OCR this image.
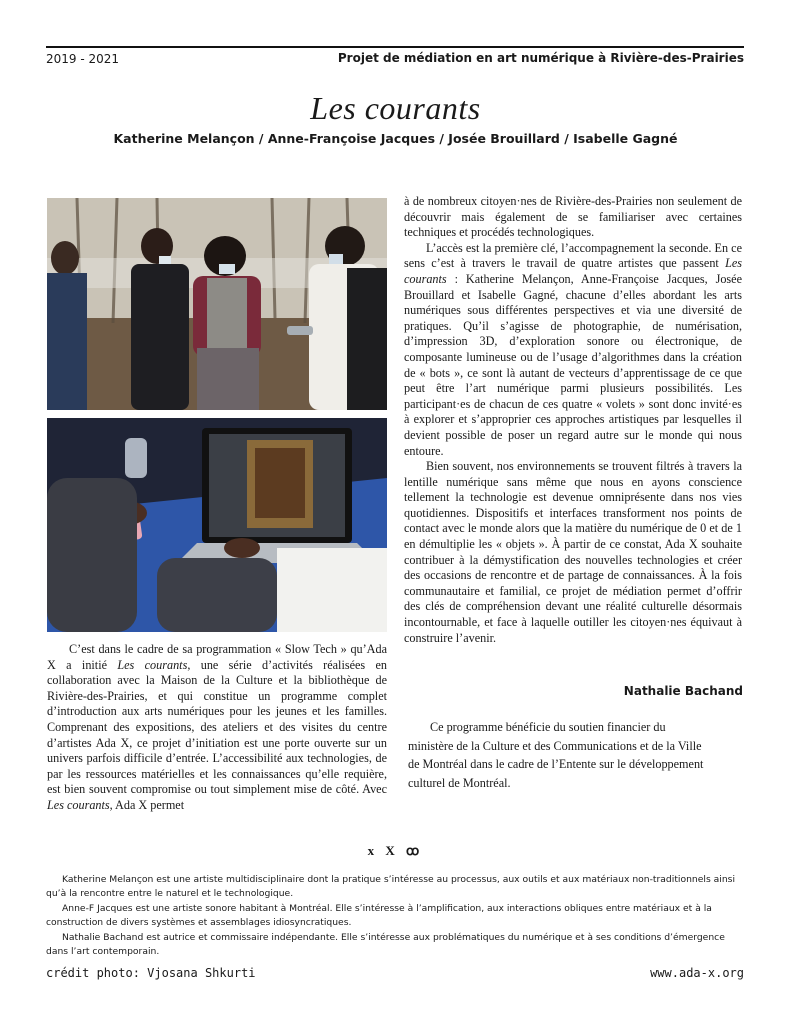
2019 - 2021	Projet de médiation en art numérique à Rivière-des-Prairies
Les courants
Katherine Melançon / Anne-Françoise Jacques / Josée Brouillard / Isabelle Gagné

C’est dans le cadre de sa programmation « Slow Tech » qu’Ada X a initié Les courants, une série d’activités réalisées en collaboration avec la Maison de la Culture et la bibliothèque de Rivière-des-Prairies, et qui constitue un programme complet d’introduction aux arts numériques pour les jeunes et les familles. Comprenant des expositions, des ateliers et des visites du centre d’artistes Ada X, ce projet d’initiation est une porte ouverte sur un univers parfois difficile d’entrée. L’accessibilité aux technologies, de par les ressources matérielles et les connaissances qu’elle requière, est bien souvent compromise ou tout simplement mise de côté. Avec Les courants, Ada X permet

à de nombreux citoyen·nes de Rivière-des-Prairies non seulement de découvrir mais également de se familiariser avec certaines techniques et procédés technologiques.

L’accès est la première clé, l’accompagnement la seconde. En ce sens c’est à travers le travail de quatre artistes que passent Les courants : Katherine Melançon, Anne-Françoise Jacques, Josée Brouillard et Isabelle Gagné, chacune d’elles abordant les arts numériques sous différentes perspectives et via une diversité de pratiques. Qu’il s’agisse de photographie, de numérisation, d’impression 3D, d’exploration sonore ou électronique, de composante lumineuse ou de l’usage d’algorithmes dans la création de « bots », ce sont là autant de vecteurs d’apprentissage de ce que peut être l’art numérique parmi plusieurs possibilités. Les participant·es de chacun de ces quatre « volets » sont donc invité·es à explorer et s’approprier ces approches artistiques par lesquelles il devient possible de poser un regard autre sur le monde qui nous entoure.

Bien souvent, nos environnements se trouvent filtrés à travers la lentille numérique sans même que nous en ayons conscience tellement la technologie est devenue omniprésente dans nos vies quotidiennes. Dispositifs et interfaces transforment nos points de contact avec le monde alors que la matière du numérique de 0 et de 1 en démultiplie les « objets ». À partir de ce constat, Ada X souhaite contribuer à la démystification des nouvelles technologies et créer des occasions de rencontre et de partage de connaissances. À la fois communautaire et familial, ce projet de médiation permet d’offrir des clés de compréhension devant une réalité culturelle désormais incontournable, et face à laquelle outiller les citoyen·nes équivaut à construire l’avenir.

Nathalie Bachand
Ce programme bénéficie du soutien financier du ministère de la Culture et des Communications et de la Ville de Montréal dans le cadre de l’Entente sur le développement culturel de Montréal.
x X ꝏ

Katherine Melançon est une artiste multidisciplinaire dont la pratique s’intéresse au processus, aux outils et aux matériaux non-traditionnels ainsi qu’à la rencontre entre le naturel et le technologique.

Anne-F Jacques est une artiste sonore habitant à Montréal. Elle s’intéresse à l’amplification, aux interactions obliques entre matériaux et à la construction de divers systèmes et assemblages idiosyncratiques.

Nathalie Bachand est autrice et commissaire indépendante. Elle s’intéresse aux problématiques du numérique et à ses conditions d’émergence dans l’art contemporain.

crédit photo: Vjosana Shkurti	www.ada-x.org
